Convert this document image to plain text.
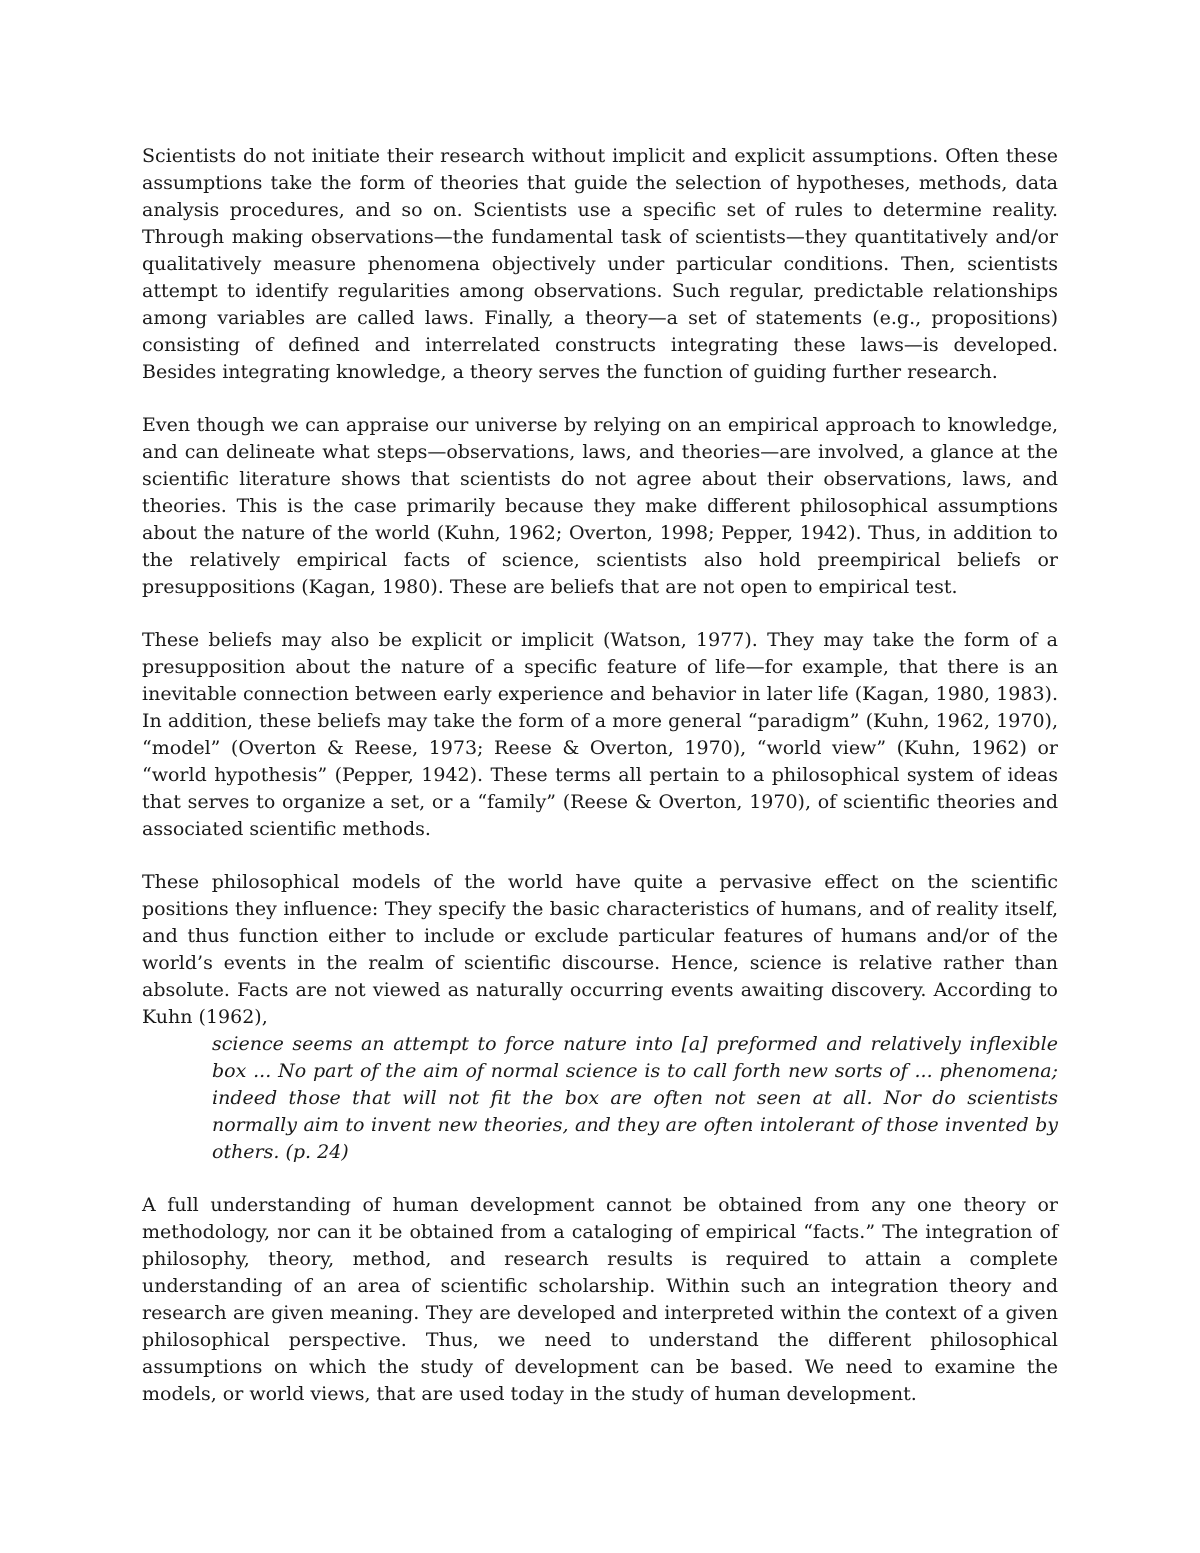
Scientists do not initiate their research without implicit and explicit assumptions. Often these assumptions take the form of theories that guide the selection of hypotheses, methods, data analysis procedures, and so on. Scientists use a specific set of rules to determine reality. Through making observations—the fundamental task of scientists—they quantitatively and/or qualitatively measure phenomena objectively under particular conditions. Then, scientists attempt to identify regularities among observations. Such regular, predictable relationships among variables are called laws. Finally, a theory—a set of statements (e.g., propositions) consisting of defined and interrelated constructs integrating these laws—is developed. Besides integrating knowledge, a theory serves the function of guiding further research.

Even though we can appraise our universe by relying on an empirical approach to knowledge, and can delineate what steps—observations, laws, and theories—are involved, a glance at the scientific literature shows that scientists do not agree about their observations, laws, and theories. This is the case primarily because they make different philosophical assumptions about the nature of the world (Kuhn, 1962; Overton, 1998; Pepper, 1942). Thus, in addition to the relatively empirical facts of science, scientists also hold preempirical beliefs or presuppositions (Kagan, 1980). These are beliefs that are not open to empirical test.

These beliefs may also be explicit or implicit (Watson, 1977). They may take the form of a presupposition about the nature of a specific feature of life—for example, that there is an inevitable connection between early experience and behavior in later life (Kagan, 1980, 1983). In addition, these beliefs may take the form of a more general “paradigm” (Kuhn, 1962, 1970), “model” (Overton & Reese, 1973; Reese & Overton, 1970), “world view” (Kuhn, 1962) or “world hypothesis” (Pepper, 1942). These terms all pertain to a philosophical system of ideas that serves to organize a set, or a “family” (Reese & Overton, 1970), of scientific theories and associated scientific methods.

These philosophical models of the world have quite a pervasive effect on the scientific positions they influence: They specify the basic characteristics of humans, and of reality itself, and thus function either to include or exclude particular features of humans and/or of the world’s events in the realm of scientific discourse. Hence, science is relative rather than absolute. Facts are not viewed as naturally occurring events awaiting discovery. According to Kuhn (1962),

science seems an attempt to force nature into [a] preformed and relatively inflexible box ... No part of the aim of normal science is to call forth new sorts of ... phenomena; indeed those that will not fit the box are often not seen at all. Nor do scientists normally aim to invent new theories, and they are often intolerant of those invented by others. (p. 24)

A full understanding of human development cannot be obtained from any one theory or methodology, nor can it be obtained from a cataloging of empirical “facts.” The integration of philosophy, theory, method, and research results is required to attain a complete understanding of an area of scientific scholarship. Within such an integration theory and research are given meaning. They are developed and interpreted within the context of a given philosophical perspective. Thus, we need to understand the different philosophical assumptions on which the study of development can be based. We need to examine the models, or world views, that are used today in the study of human development.
